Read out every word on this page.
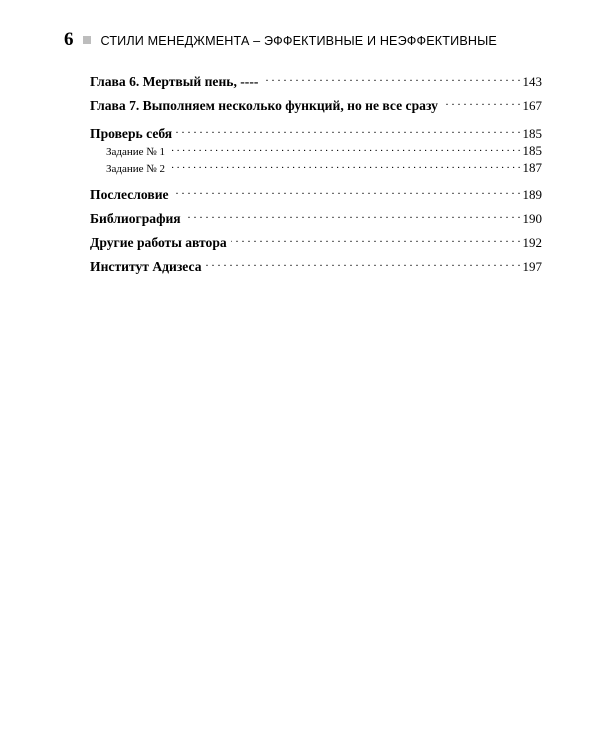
6 СТИЛИ МЕНЕДЖМЕНТА – ЭФФЕКТИВНЫЕ И НЕЭФФЕКТИВНЫЕ
Глава 6. Мертвый пень, ---- . . .	143
Глава 7. Выполняем несколько функций, но не все сразу . . .	167
Проверь себя . . .	185
Задание № 1 . . .	185
Задание № 2 . . .	187
Послесловие . . .	189
Библиография . . .	190
Другие работы автора . . .	192
Институт Адизеса . . .	197
